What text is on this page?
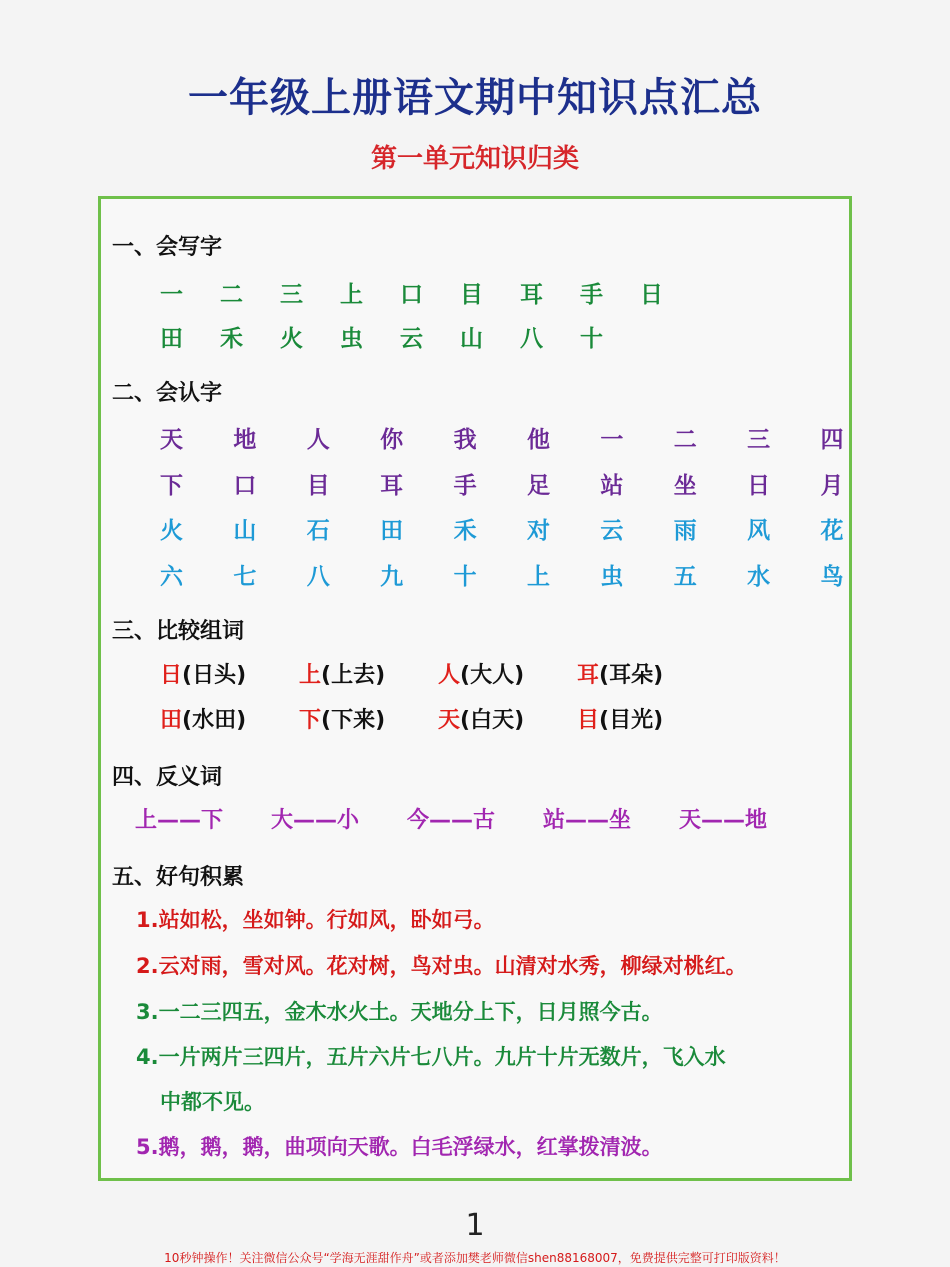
一年级上册语文期中知识点汇总
第一单元知识归类
一、会写字
一	二	三	上	口	目	耳	手	日
田	禾	火	虫	云	山	八	十
二、会认字
天	地	人	你	我	他	一	二	三	四
下	口	目	耳	手	足	站	坐	日	月
火	山	石	田	禾	对	云	雨	风	花
六	七	八	九	十	上	虫	五	水	鸟
三、比较组词
日(日头)	上(上去)	人(大人)	耳(耳朵)
田(水田)	下(下来)	天(白天)	目(目光)
四、反义词
上——下	大——小	今——古	站——坐	天——地
五、好句积累
1.站如松，坐如钟。行如风，卧如弓。
2.云对雨，雪对风。花对树，鸟对虫。山清对水秀，柳绿对桃红。
3.一二三四五，金木水火土。天地分上下，日月照今古。
4.一片两片三四片，五片六片七八片。九片十片无数片，飞入水
中都不见。
5.鹅，鹅，鹅，曲项向天歌。白毛浮绿水，红掌拨清波。
1
10秒钟操作！关注微信公众号“学海无涯甜作舟”或者添加樊老师微信shen88168007，免费提供完整可打印版资料！
